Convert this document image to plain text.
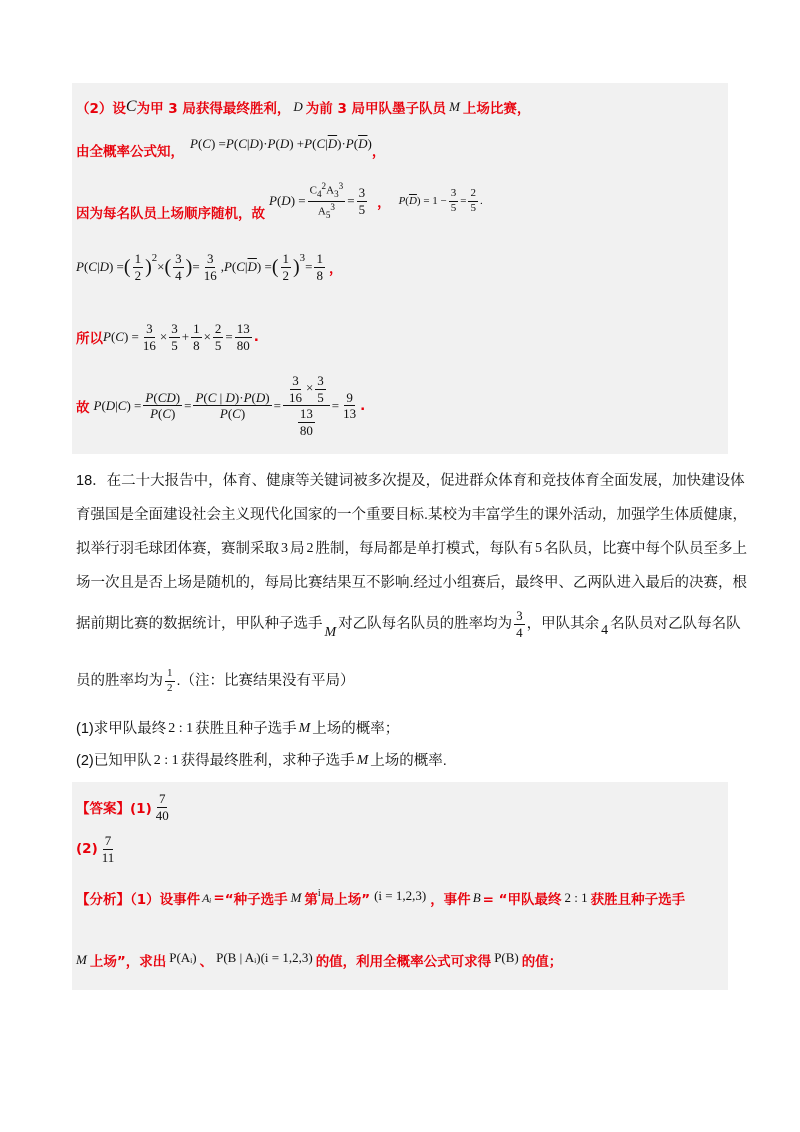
（2）设 C 为甲 3 局获得最终胜利， D 为前 3 局甲队墨子队员 M 上场比赛，
由全概率公式知，
P ( C ) = P ( C | D )· P ( D ) + P ( C | $\overline{D}$ )· P ( $\overline{D}$ )
，
因为每名队员上场顺序随机，故
P ( D ) = $\frac{C_4^2A_3^3}{A_5^3} = \frac{3}{5}$ ， P ( $\overline{D}$ ) = $1 - \frac{3}{5} = \frac{2}{5}$ .
P ( C | D ) = ( $\frac{1}{2} )^2$
× ( $\frac{3}{4}$ ) = $\frac{3}{16}$ , P ( C | $\overline{D}$ ) = ( $\frac{1}{2} )^3$
= $\frac{1}{8}$ ，
所以 P ( C ) = $\frac{3}{16} \times \frac{3}{5} + \frac{1}{8} \times \frac{2}{5} = \frac{13}{80}$ .
故 P ( D | C ) = $\frac{P(CD)}{P(C)} = \frac{P(C | D)\cdot P(D)}{P(C)} = \frac{\frac{3}{16} \times \frac{3}{5}}{\frac{13}{80}} = \frac{9}{13}$ .
18．在二十大报告中，体育、健康等关键词被多次提及，促进群众体育和竞技体育全面发展，加快建设体
育强国是全面建设社会主义现代化国家的一个重要目标.某校为丰富学生的课外活动，加强学生体质健康，
拟举行羽毛球团体赛，赛制采取 3 局 2 胜制，每局都是单打模式，每队有 5 名队员，比赛中每个队员至多上
场一次且是否上场是随机的，每局比赛结果互不影响.经过小组赛后，最终甲、乙两队进入最后的决赛，根
据前期比赛的数据统计，甲队种子选手
M
对乙队每名队员的胜率均为 $\frac{3}{4}$ ，甲队其余 4 名队员对乙队每名队
员的胜率均为 $\frac{1}{2}$ .（注：比赛结果没有平局）
(1)求甲队最终 2 : 1 获胜且种子选手 M 上场的概率；
(2)已知甲队 2 : 1 获得最终胜利，求种子选手 M 上场的概率.
【答案】$(1) \frac{7}{40}$
$(2) \frac{7}{11}$
【分析】（1）设事件 Aᵢ = “种子选手 M 第 i 局上场” (i = 1,2,3) ，事件 B = “甲队最终 2 : 1 获胜且种子选手
M 上场”，求出 P(Aᵢ) 、 P(B | Aᵢ)(i = 1,2,3) 的值，利用全概率公式可求得 P(B) 的值；
